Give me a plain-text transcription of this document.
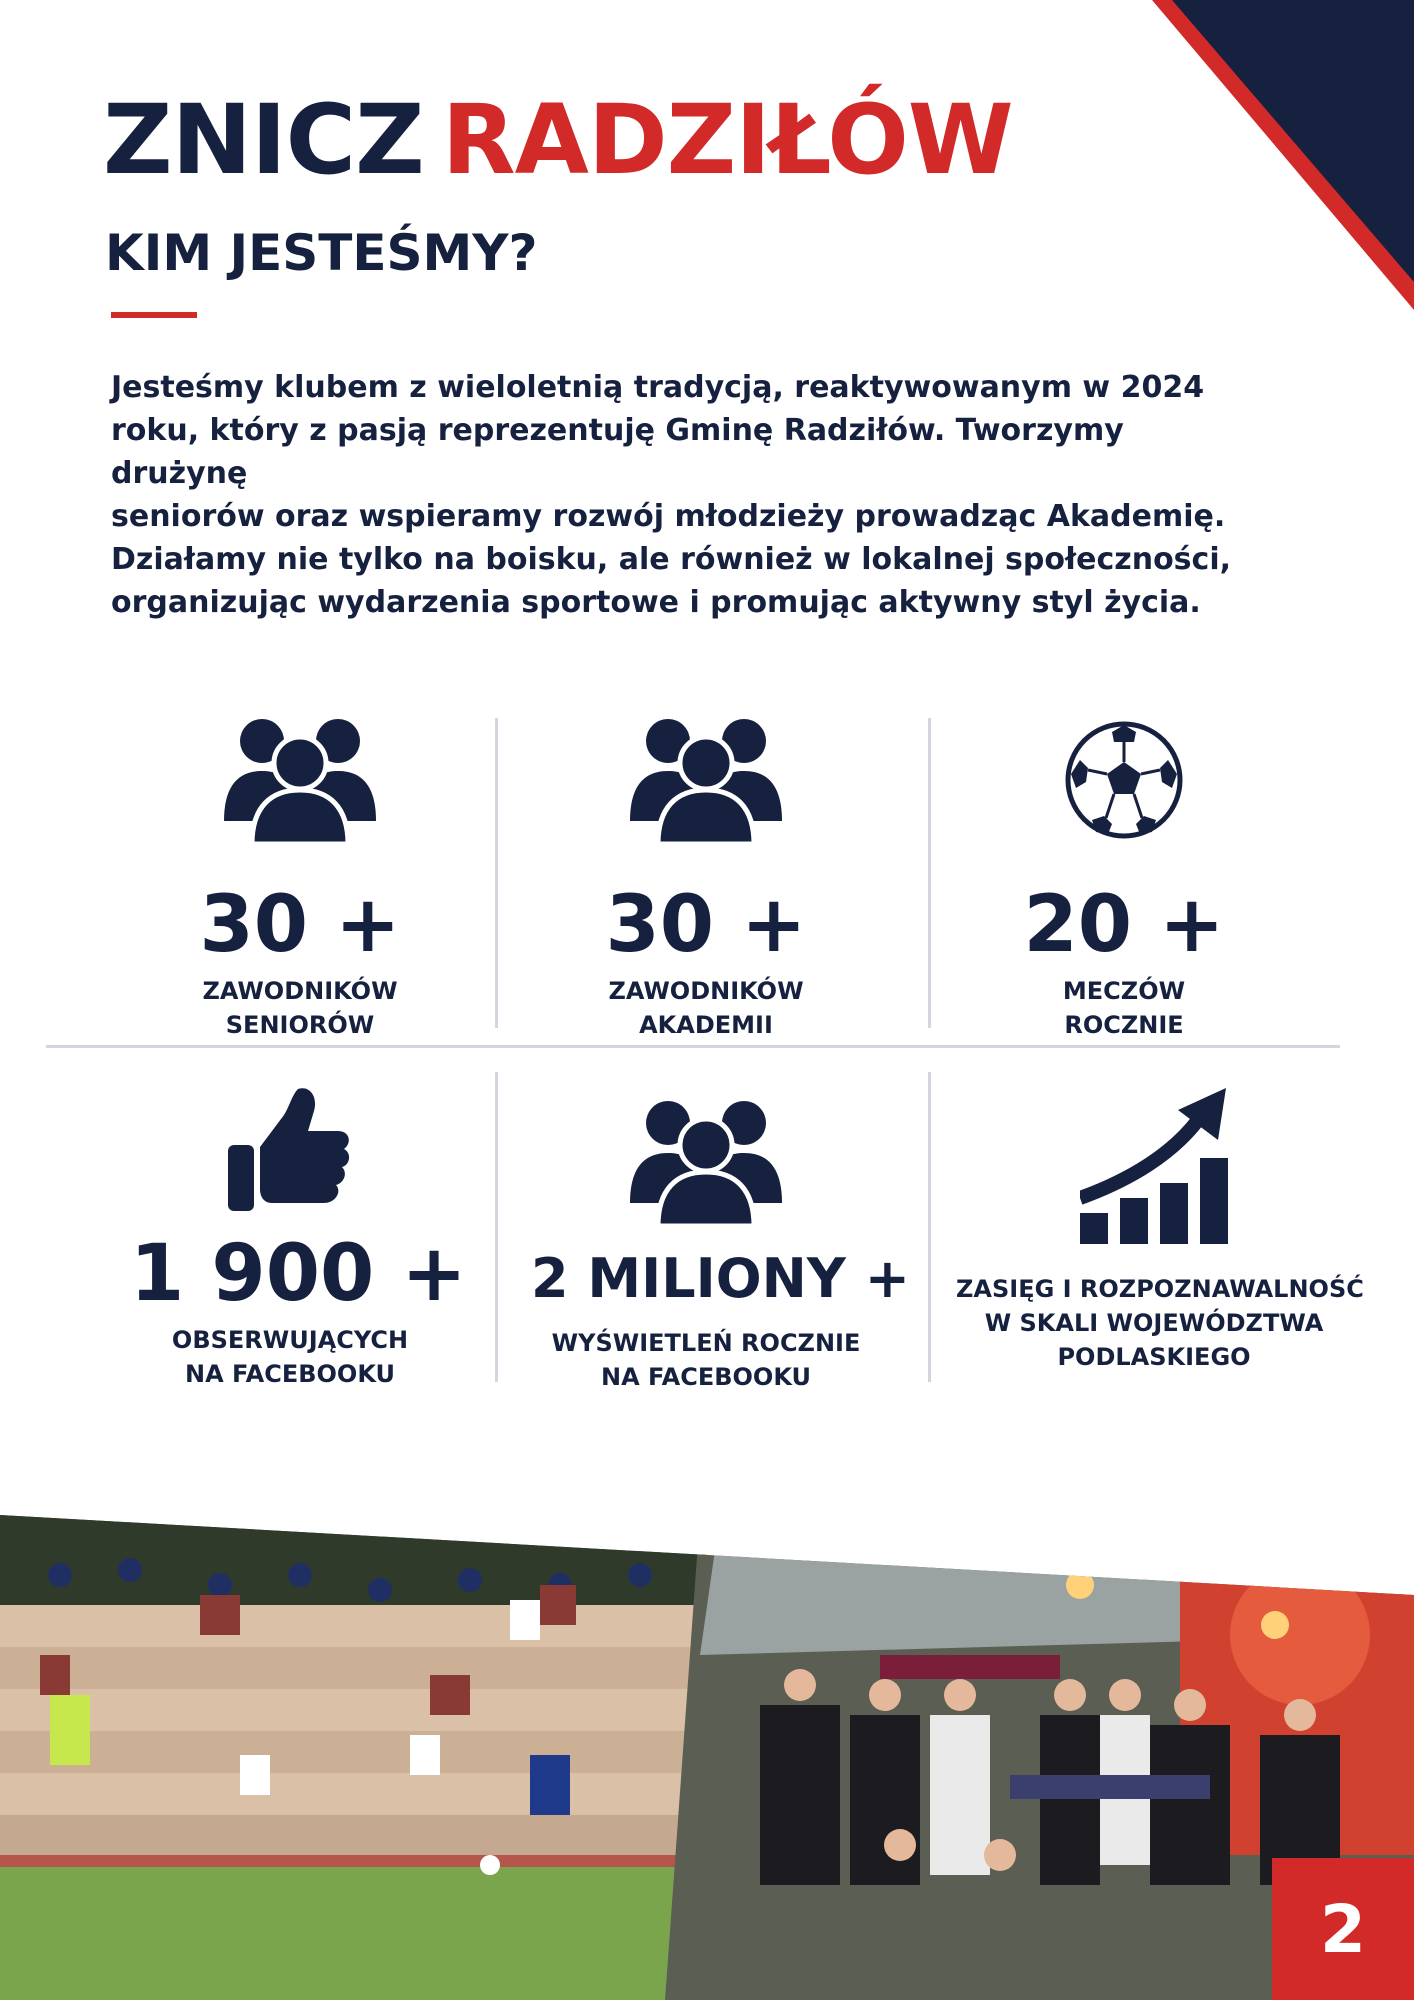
ZNICZ RADZIŁÓW
KIM JESTEŚMY?

Jesteśmy klubem z wieloletnią tradycją, reaktywowanym w 2024
roku, który z pasją reprezentuję Gminę Radziłów. Tworzymy drużynę
seniorów oraz wspieramy rozwój młodzieży prowadząc Akademię.
Działamy nie tylko na boisku, ale również w lokalnej społeczności,
organizując wydarzenia sportowe i promując aktywny styl życia.

30 +
ZAWODNIKÓW
SENIORÓW
30 +
ZAWODNIKÓW
AKADEMII
20 +
MECZÓW
ROCZNIE
1 900 +
OBSERWUJĄCYCH
NA FACEBOOKU
2 MILIONY +
WYŚWIETLEŃ ROCZNIE
NA FACEBOOKU
ZASIĘG I ROZPOZNAWALNOŚĆ
W SKALI WOJEWÓDZTWA
PODLASKIEGO
2
